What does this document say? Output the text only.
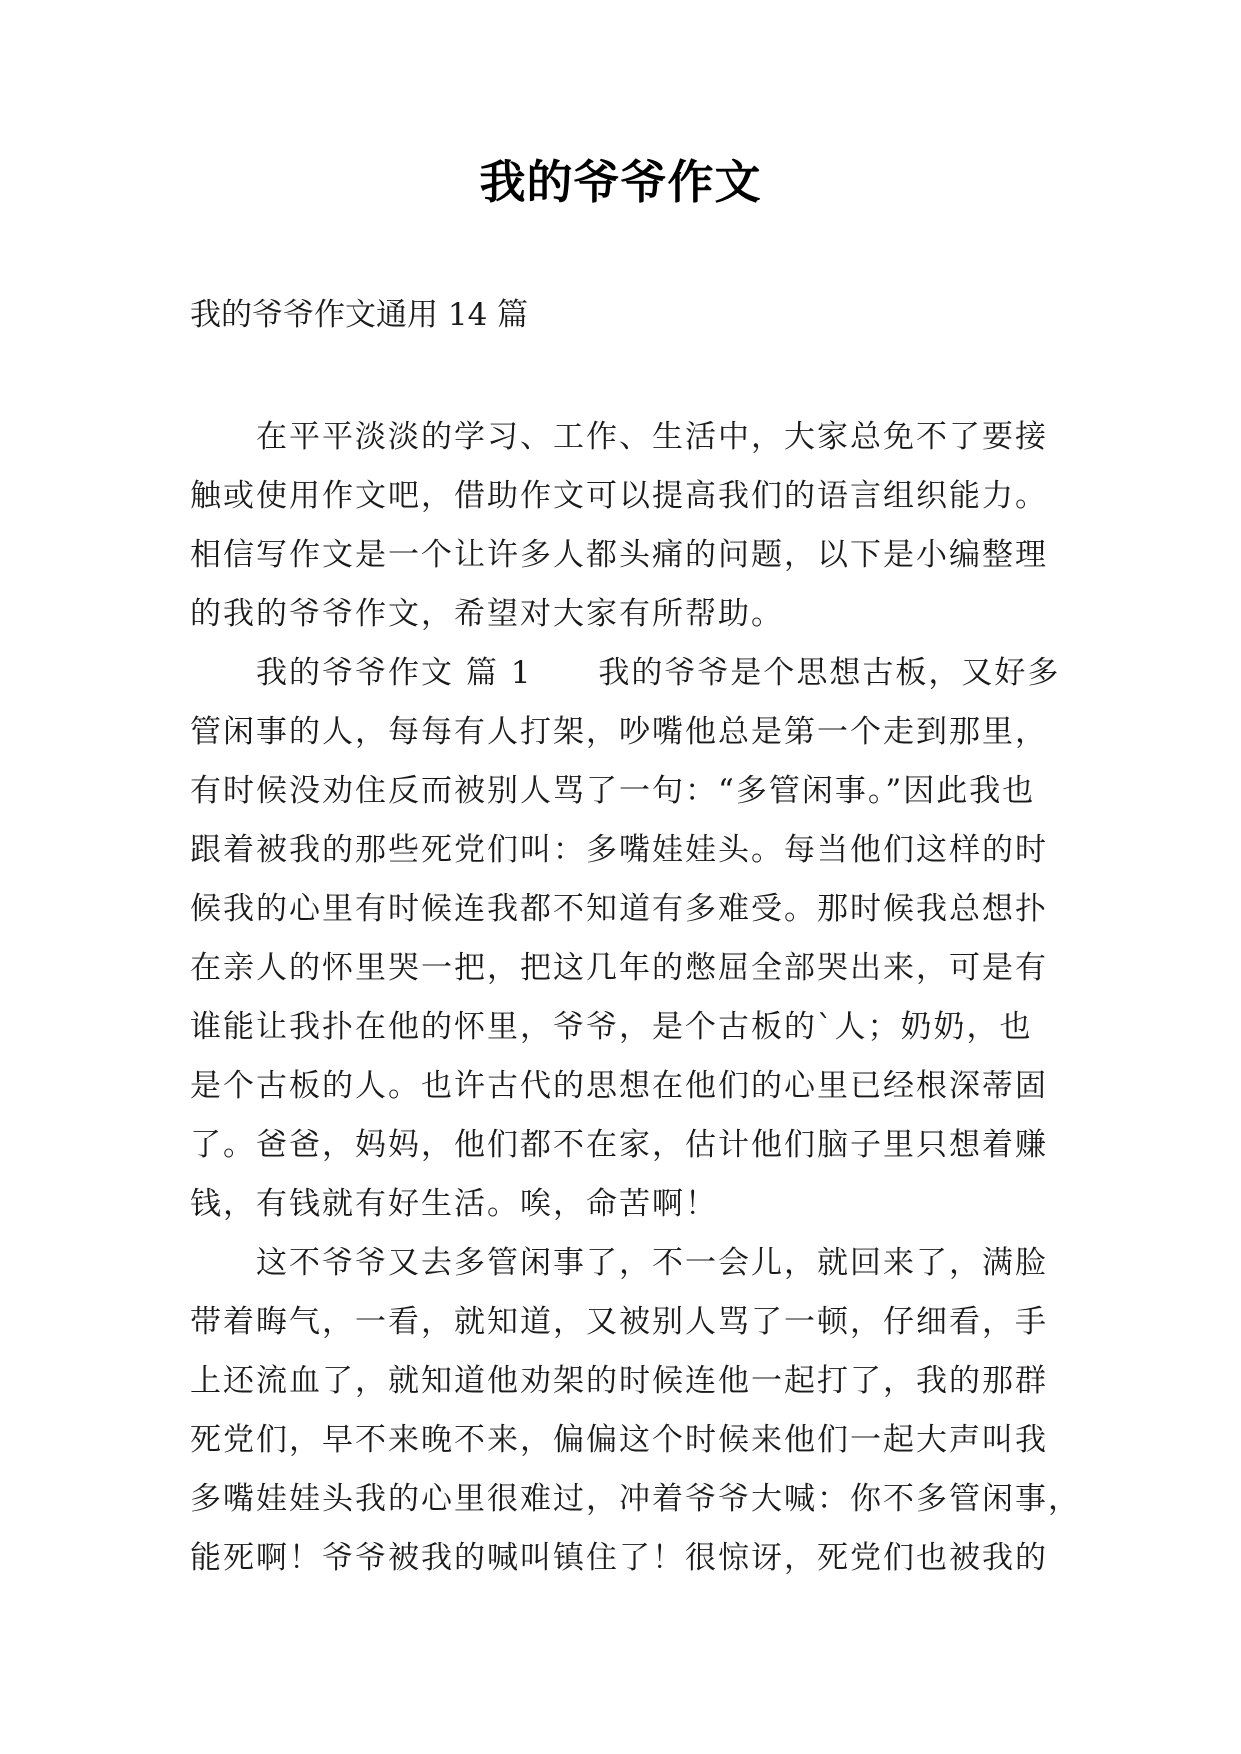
我的爷爷作文
我的爷爷作文通用 14 篇
　　在平平淡淡的学习、工作、生活中，大家总免不了要接
触或使用作文吧，借助作文可以提高我们的语言组织能力。
相信写作文是一个让许多人都头痛的问题，以下是小编整理
的我的爷爷作文，希望对大家有所帮助。
　　我的爷爷作文 篇 1　　我的爷爷是个思想古板，又好多
管闲事的人，每每有人打架，吵嘴他总是第一个走到那里，
有时候没劝住反而被别人骂了一句：“多管闲事。”因此我也
跟着被我的那些死党们叫：多嘴娃娃头。每当他们这样的时
候我的心里有时候连我都不知道有多难受。那时候我总想扑
在亲人的怀里哭一把，把这几年的憋屈全部哭出来，可是有
谁能让我扑在他的怀里，爷爷，是个古板的`人；奶奶，也
是个古板的人。也许古代的思想在他们的心里已经根深蒂固
了。爸爸，妈妈，他们都不在家，估计他们脑子里只想着赚
钱，有钱就有好生活。唉，命苦啊！
　　这不爷爷又去多管闲事了，不一会儿，就回来了，满脸
带着晦气，一看，就知道，又被别人骂了一顿，仔细看，手
上还流血了，就知道他劝架的时候连他一起打了，我的那群
死党们，早不来晚不来，偏偏这个时候来他们一起大声叫我
多嘴娃娃头我的心里很难过，冲着爷爷大喊：你不多管闲事，
能死啊！爷爷被我的喊叫镇住了！很惊讶，死党们也被我的
